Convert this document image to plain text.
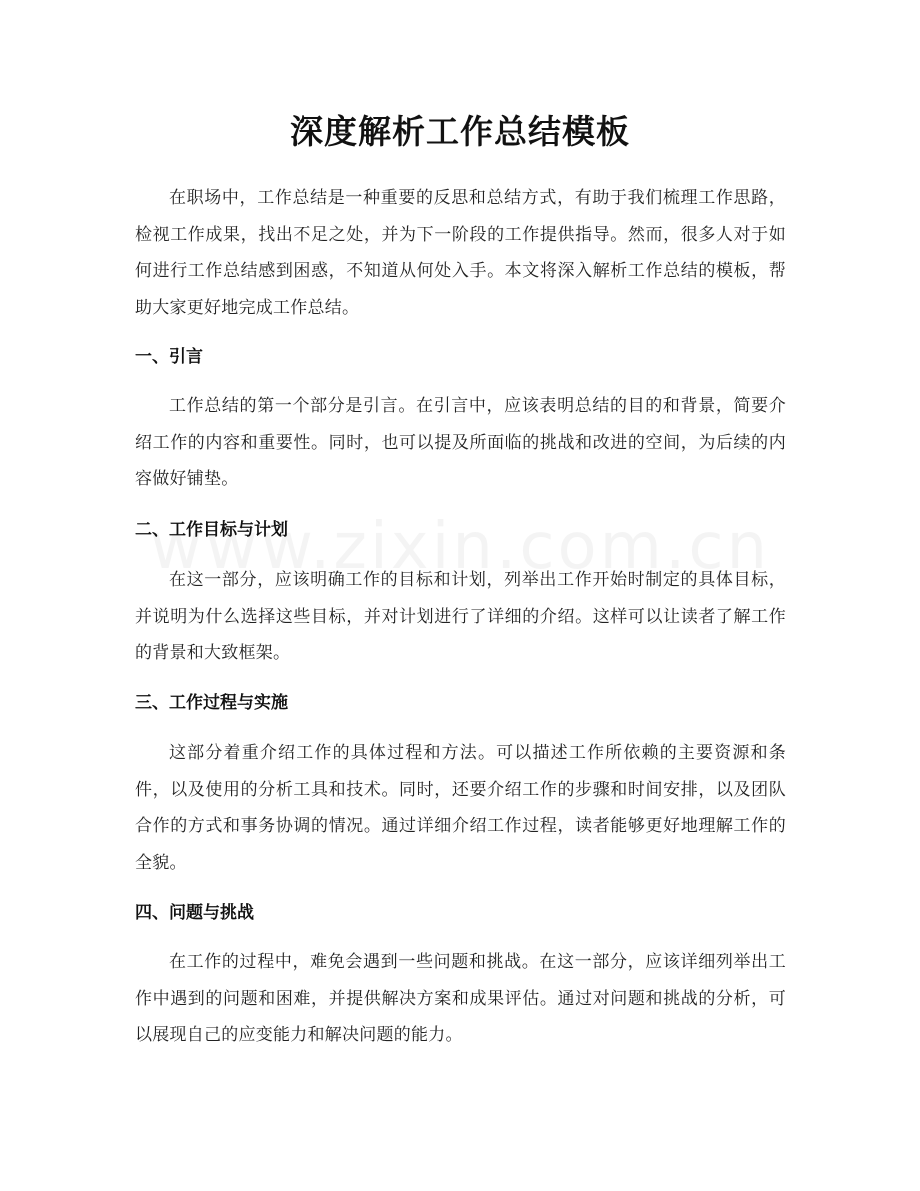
深度解析工作总结模板

在职场中，工作总结是一种重要的反思和总结方式，有助于我们梳理工作思路，检视工作成果，找出不足之处，并为下一阶段的工作提供指导。然而，很多人对于如何进行工作总结感到困惑，不知道从何处入手。本文将深入解析工作总结的模板，帮助大家更好地完成工作总结。

一、引言

工作总结的第一个部分是引言。在引言中，应该表明总结的目的和背景，简要介绍工作的内容和重要性。同时，也可以提及所面临的挑战和改进的空间，为后续的内容做好铺垫。

二、工作目标与计划

在这一部分，应该明确工作的目标和计划，列举出工作开始时制定的具体目标，并说明为什么选择这些目标，并对计划进行了详细的介绍。这样可以让读者了解工作的背景和大致框架。

三、工作过程与实施

这部分着重介绍工作的具体过程和方法。可以描述工作所依赖的主要资源和条件，以及使用的分析工具和技术。同时，还要介绍工作的步骤和时间安排，以及团队合作的方式和事务协调的情况。通过详细介绍工作过程，读者能够更好地理解工作的全貌。

四、问题与挑战

在工作的过程中，难免会遇到一些问题和挑战。在这一部分，应该详细列举出工作中遇到的问题和困难，并提供解决方案和成果评估。通过对问题和挑战的分析，可以展现自己的应变能力和解决问题的能力。
